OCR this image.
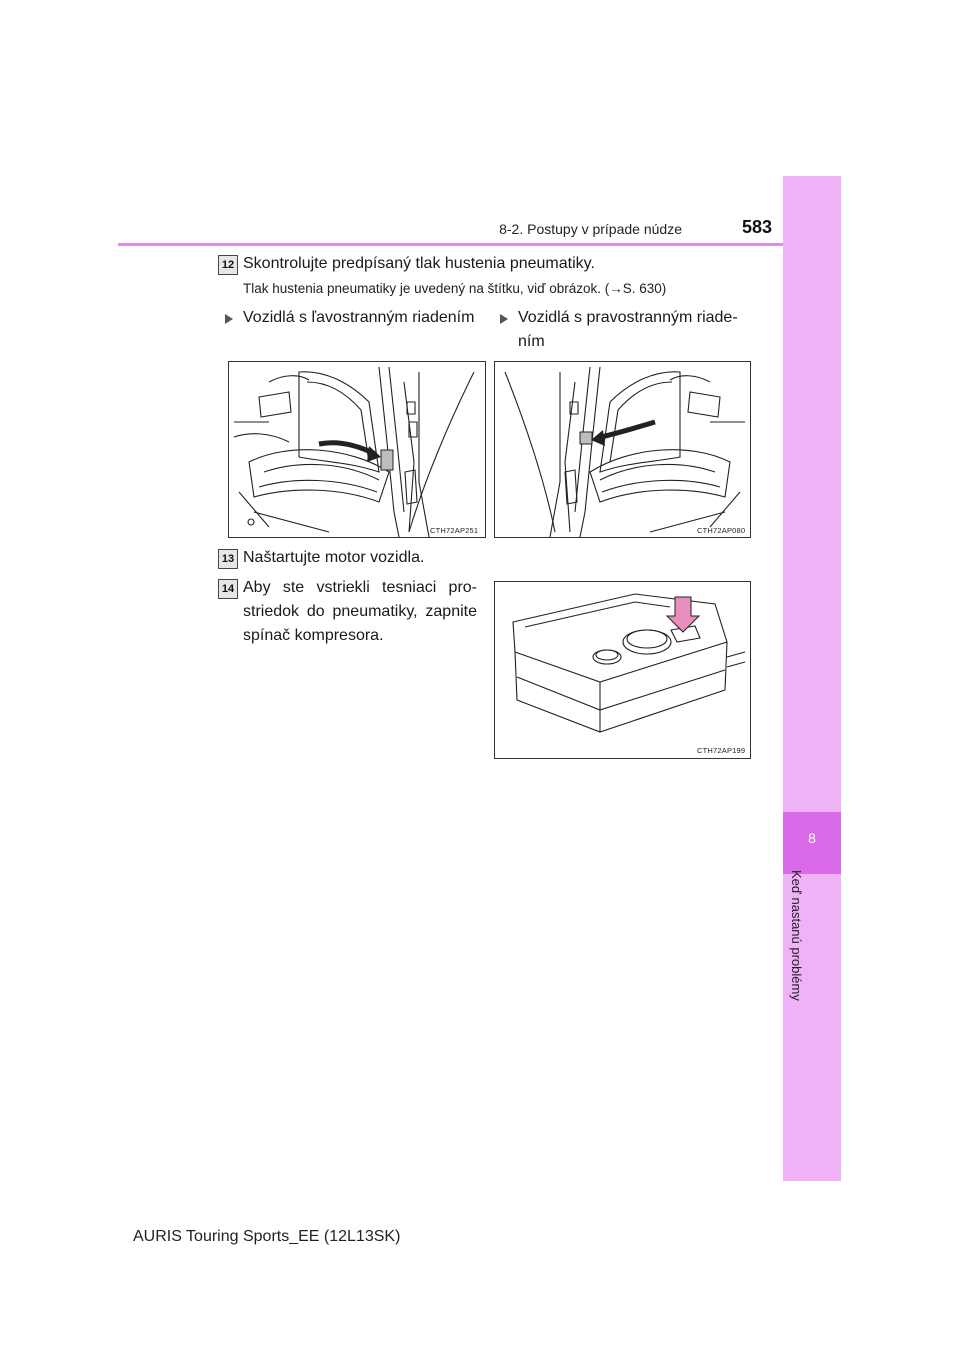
8
Keď nastanú problémy
8-2. Postupy v prípade núdze	583
12 Skontrolujte predpísaný tlak hustenia pneumatiky.
Tlak hustenia pneumatiky je uvedený na štítku, viď obrázok. (→S. 630)
Vozidlá s ľavostranným riadením	Vozidlá s pravostranným riade-
ním
CTH72AP251	CTH72AP080
13 Naštartujte motor vozidla.
14 Aby ste vstriekli tesniaci pro-
striedok do pneumatiky, zapnite
spínač kompresora.
CTH72AP199
AURIS Touring Sports_EE (12L13SK)
